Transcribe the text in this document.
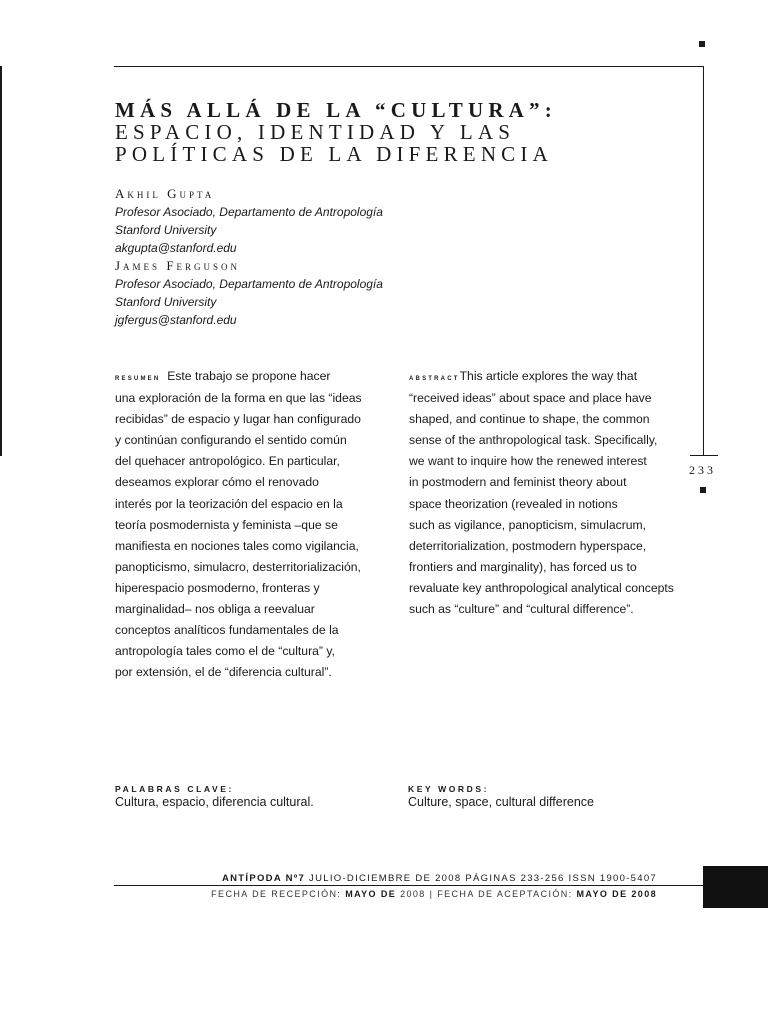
233

MÁS ALLÁ DE LA “CULTURA”:

ESPACIO, IDENTIDAD Y LAS

POLÍTICAS DE LA DIFERENCIA

Akhil Gupta
Profesor Asociado, Departamento de Antropología
Stanford University
akgupta@stanford.edu
James Ferguson
Profesor Asociado, Departamento de Antropología
Stanford University
jgfergus@stanford.edu
resumen Este trabajo se propone hacer
una exploración de la forma en que las “ideas
recibidas” de espacio y lugar han configurado
y continúan configurando el sentido común
del quehacer antropológico. En particular,
deseamos explorar cómo el renovado
interés por la teorización del espacio en la
teoría posmodernista y feminista –que se
manifiesta en nociones tales como vigilancia,
panopticismo, simulacro, desterritorialización,
hiperespacio posmoderno, fronteras y
marginalidad– nos obliga a reevaluar
conceptos analíticos fundamentales de la
antropología tales como el de “cultura” y,
por extensión, el de “diferencia cultural”.
abstractThis article explores the way that
“received ideas” about space and place have
shaped, and continue to shape, the common
sense of the anthropological task. Specifically,
we want to inquire how the renewed interest
in postmodern and feminist theory about
space theorization (revealed in notions
such as vigilance, panopticism, simulacrum,
deterritorialization, postmodern hyperspace,
frontiers and marginality), has forced us to
revaluate key anthropological analytical concepts
such as “culture” and “cultural difference”.
PALABRAS CLAVE:
Cultura, espacio, diferencia cultural.
KEY WORDS:
Culture, space, cultural difference
ANTÍPODA Nº7 JULIO-DICIEMBRE DE 2008 PÁGINAS 233-256 ISSN 1900-5407
FECHA DE RECEPCIÓN: MAYO DE 2008 | FECHA DE ACEPTACIÓN: MAYO DE 2008
